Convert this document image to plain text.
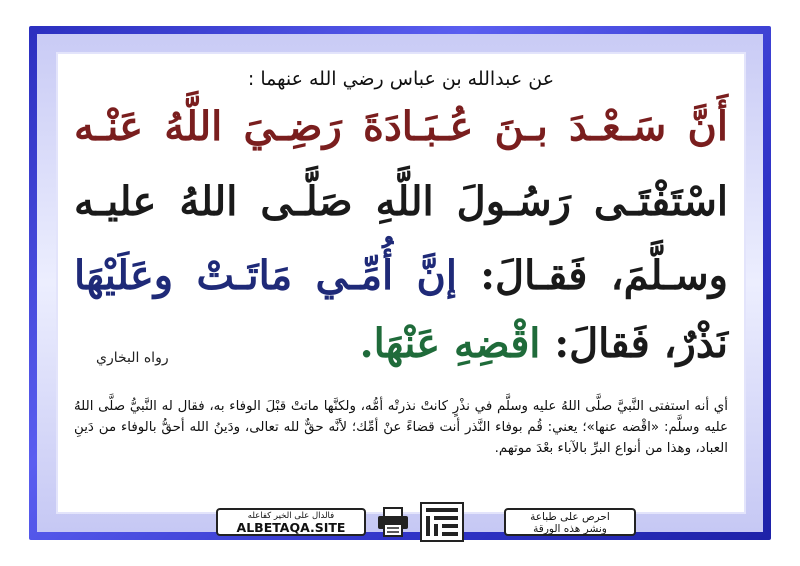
عن عبدالله بن عباس رضي الله عنهما :
أَنَّ سَـعْـدَ بـنَ عُـبَـادَةَ رَضِـيَ اللَّهُ عَنْـه
اسْتَفْتَـى رَسُـولَ اللَّهِ صَلَّـى اللهُ عليـه
وسـلَّمَ، فَقـالَ: إنَّ أُمِّـي مَاتَـتْ وعَلَيْهَا
نَذْرٌ، فَقالَ: اقْضِهِ عَنْهَا.
رواه البخاري
أي أنه استفتى النَّبيَّ صلَّى اللهُ عليه وسلَّم في نذْرٍ كانتْ نذرتْه أمُّه، ولكنَّها ماتتْ قبْلَ الوفاء به، فقال له النَّبيُّ صلَّى اللهُ عليه وسلَّم: «اقْضه عنها»؛ يعني: قُم بوفاء النَّذر أنت قضاءً عنْ أمِّك؛ لأنَّه حقٌّ لله تعالى، ودَينُ الله أحقُّ بالوفاء من دَينِ العباد، وهذا من أنواع البرِّ بالآباء بعْدَ موتهم.
فالدال على الخير كفاعله
ALBETAQA.SITE
احرص على طباعة
ونشر هذه الورقة
